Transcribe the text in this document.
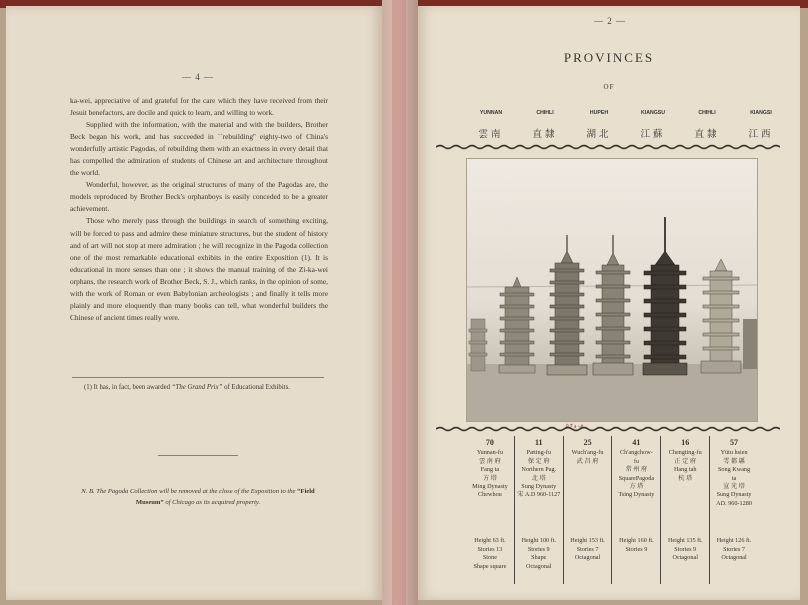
— 4 —

ka-wei, appreciative of and grateful for the care which they have received from their Jesuit benefactors, are docile and quick to learn, and willing to work.

Supplied with the information, with the material and with the builders, Brother Beck began his work, and has succeeded in ``rebuilding'' eighty-two of China's wonderfully artistic Pagodas, of rebuilding them with an exactness in every detail that has compelled the admiration of students of Chinese art and architecture throughout the world.

Wonderful, however, as the original structures of many of the Pagodas are, the models reproduced by Brother Beck's orphanboys is easily conceded to be a greater achievement.

Those who merely pass through the buildings in search of something exciting, will be forced to pass and admire these miniature structures, but the student of history and of art will not stop at mere admiration ; he will recognize in the Pagoda collection one of the most remarkable educational exhibits in the entire Exposition (1). It is educational in more senses than one ; it shows the manual training of the Zi-ka-wei orphans, the research work of Brother Beck, S. J., which ranks, in the opinion of some, with the work of Roman or even Babylonian archeologists ; and finally it tells more plainly and more eloquently than many books can tell, what wonderful builders the Chinese of ancient times really were.

(1) It has, in fact, been awarded “The Grand Prix” of Educational Exhibits.
N. B. The Pagoda Collection will be removed at the close of the Exposition to the “Field Museum” of Chicago as its acquired property.
— 2 —
PROVINCES
OF
YUNNAN
雲南
CHIHLI
直隸
HUPEH
湖北
KIANGSU
江蘇
CHIHLI
直隸
KIANGSI
江西
ڥ و ۴ ۵
70
Yunnan-fu
雲 南 府
Fang ta
方 塔
Ming Dynasty
Chewhou
Height 63 ft.
Stories 13
Stone
Shape square
11
Pæting-fu
保 定 府
Northern Pag.
北 塔
Sung Dynasty
宋 A.D 960-1127
Height 100 ft.
Stories 9
Shape
Octagonal
25
Wuch'ang-fu
武 昌 府
Height 153 ft.
Stories 7
Octagonal
41
Ch'angchow-
fu
常 州 府
SquarePagoda
方 塔
Tsing Dynasty
Height 160 ft.
Stories 9
16
Chengting-fu
正 定 府
Hang tah
杭 塔
Height 135 ft.
Stories 9
Octagonal
57
Yütu hsien
雩 都 縣
Song Kwang
ta
宣 光 塔
Sung Dynasty
AD. 960-1280
Height 126 ft.
Stories 7
Octagonal
